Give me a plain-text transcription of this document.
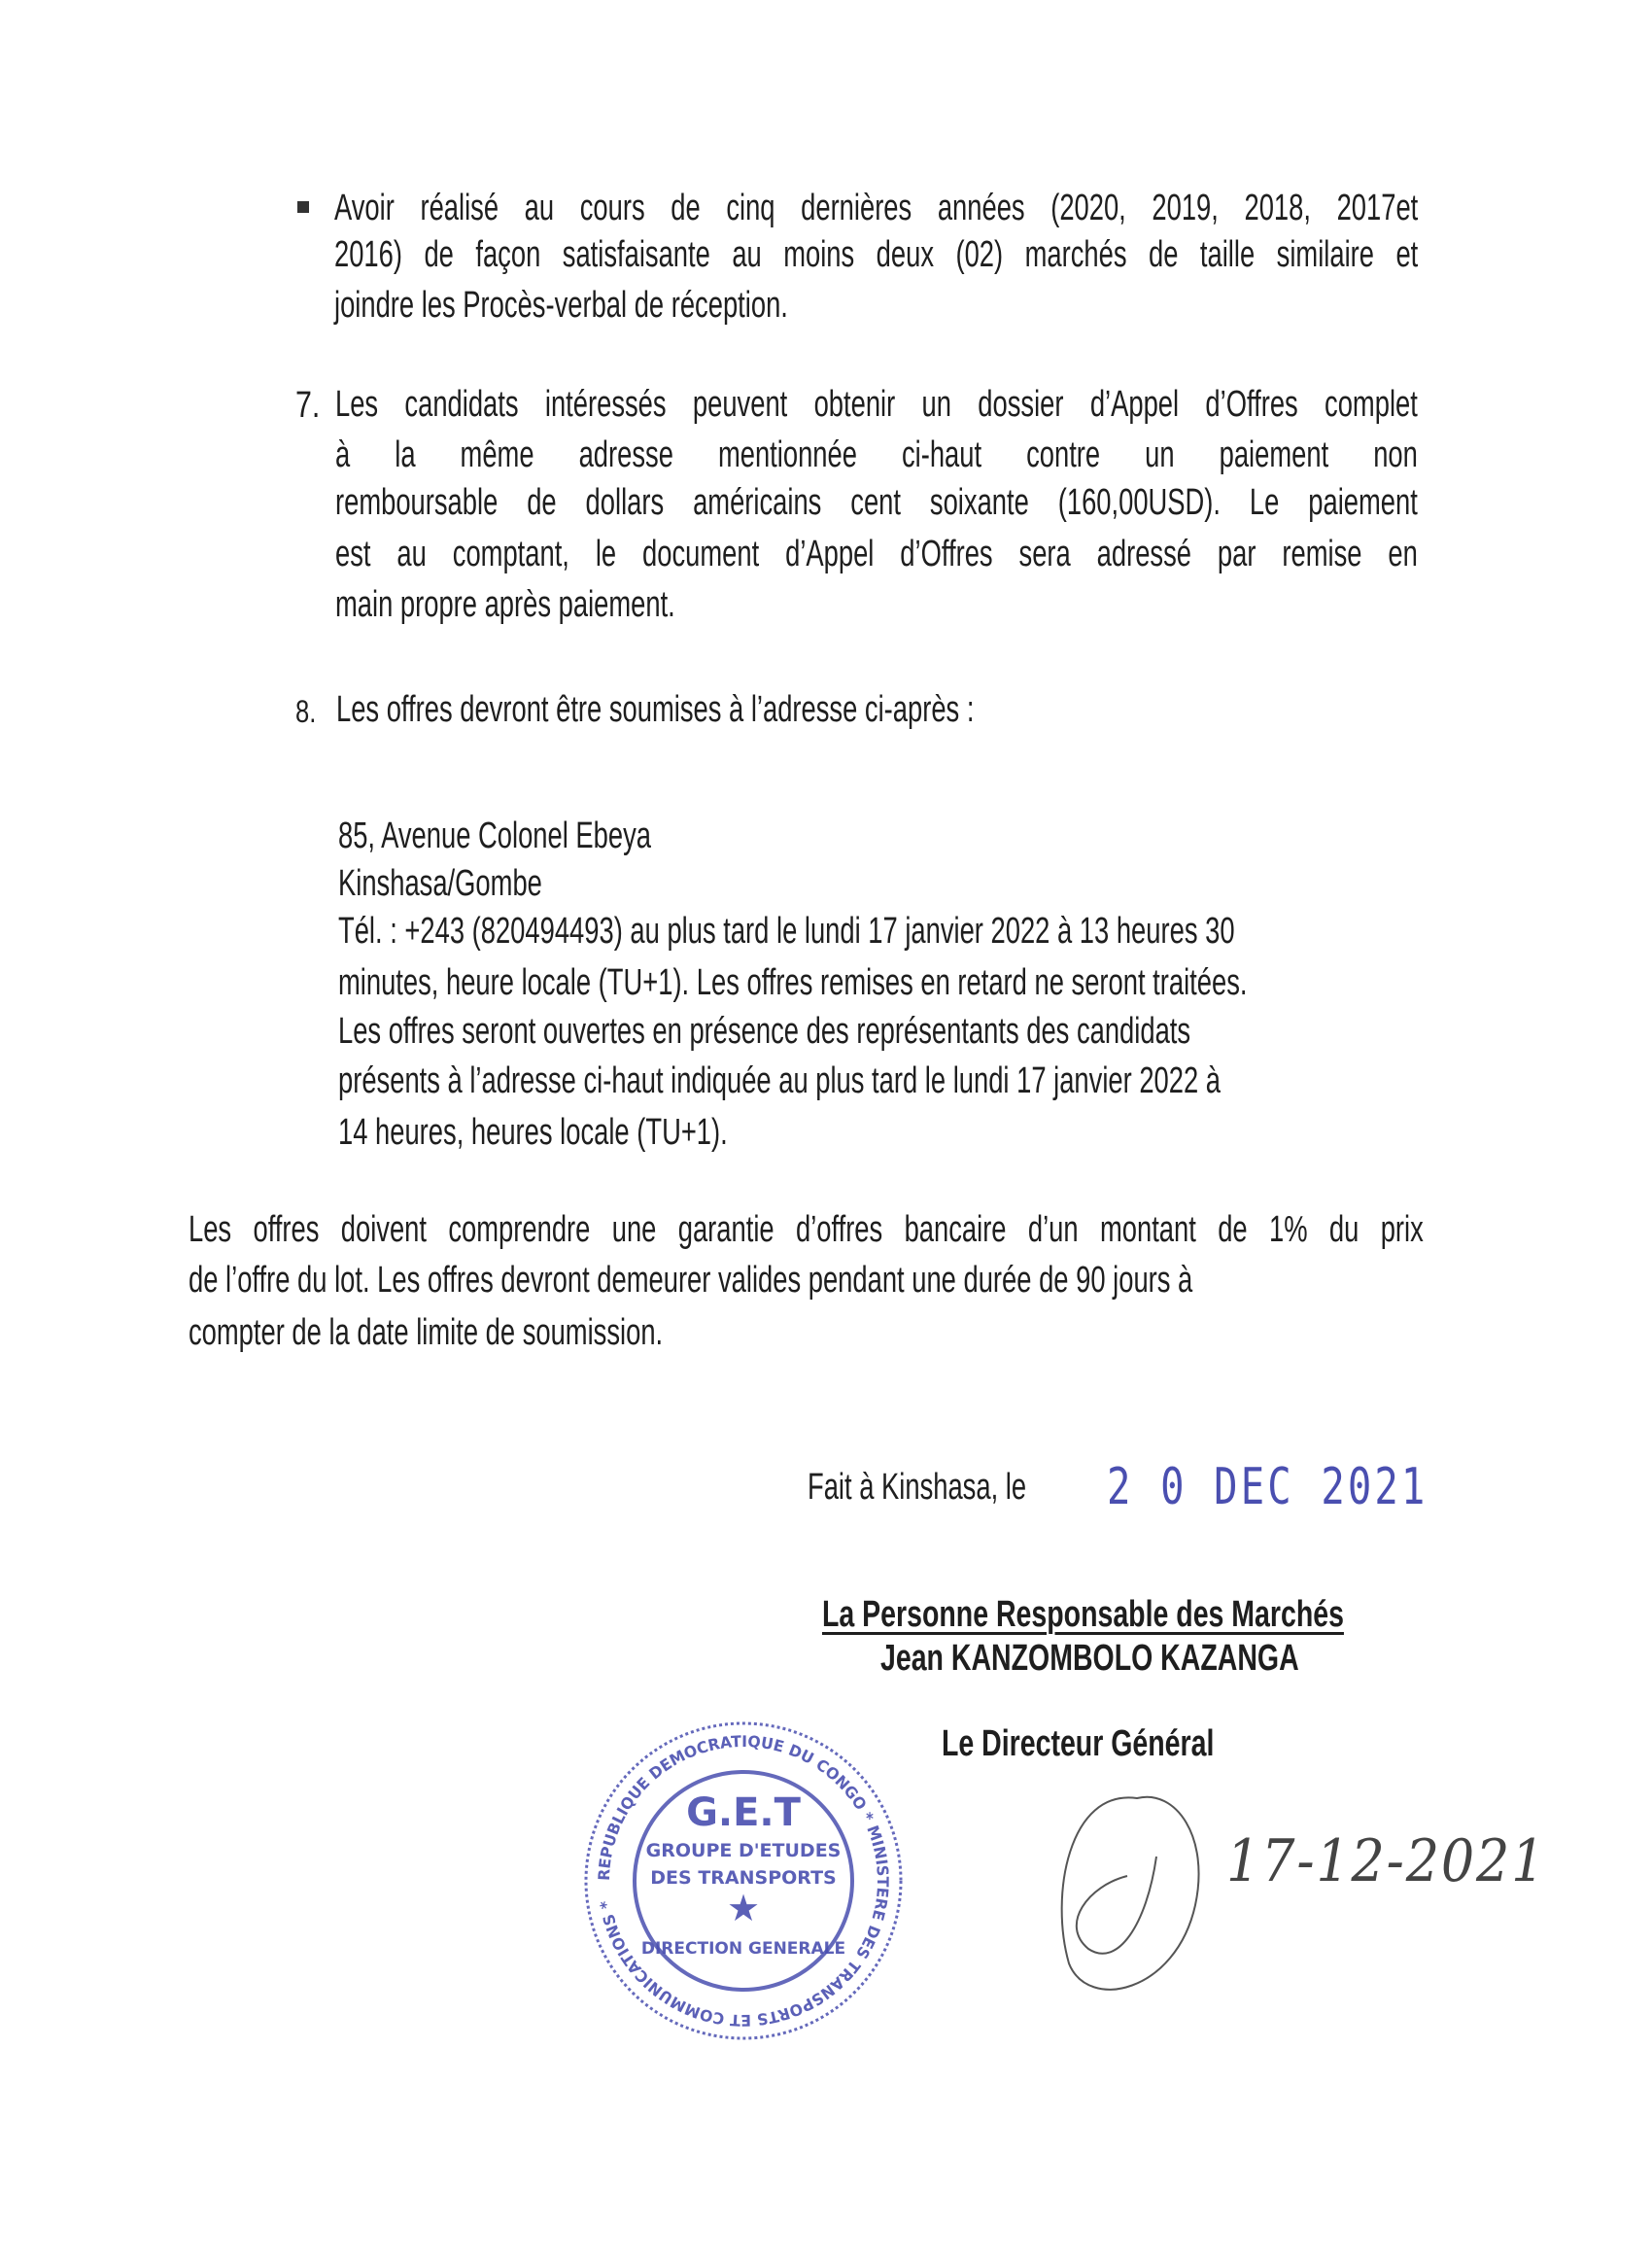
Avoir réalisé au cours de cinq dernières années (2020, 2019, 2018, 2017et
2016) de façon satisfaisante au moins deux (02) marchés de taille similaire et
joindre les Procès-verbal de réception.
7. Les candidats intéressés peuvent obtenir un dossier d’Appel d’Offres complet
à la même adresse mentionnée ci-haut contre un paiement non
remboursable de dollars américains cent soixante (160,00USD). Le paiement
est au comptant, le document d’Appel d’Offres sera adressé par remise en
main propre après paiement.
8. Les offres devront être soumises à l’adresse ci-après :
85, Avenue Colonel Ebeya
Kinshasa/Gombe
Tél. : +243 (820494493) au plus tard le lundi 17 janvier 2022 à 13 heures 30
minutes, heure locale (TU+1). Les offres remises en retard ne seront traitées.
Les offres seront ouvertes en présence des représentants des candidats
présents à l’adresse ci-haut indiquée au plus tard le lundi 17 janvier 2022 à
14 heures, heures locale (TU+1).
Les offres doivent comprendre une garantie d’offres bancaire d’un montant de 1% du prix
de l’offre du lot. Les offres devront demeurer valides pendant une durée de 90 jours à
compter de la date limite de soumission.
Fait à Kinshasa, le 2 0 DEC 2021
La Personne Responsable des Marchés
Jean KANZOMBOLO KAZANGA
REPUBLIQUE DEMOCRATIQUE DU CONGO * MINISTERE DES TRANSPORTS ET COMMUNICATIONS *
G.E.T
GROUPE D'ETUDES
DES TRANSPORTS
★
DIRECTION GENERALE
Le Directeur Général
17-12-2021
